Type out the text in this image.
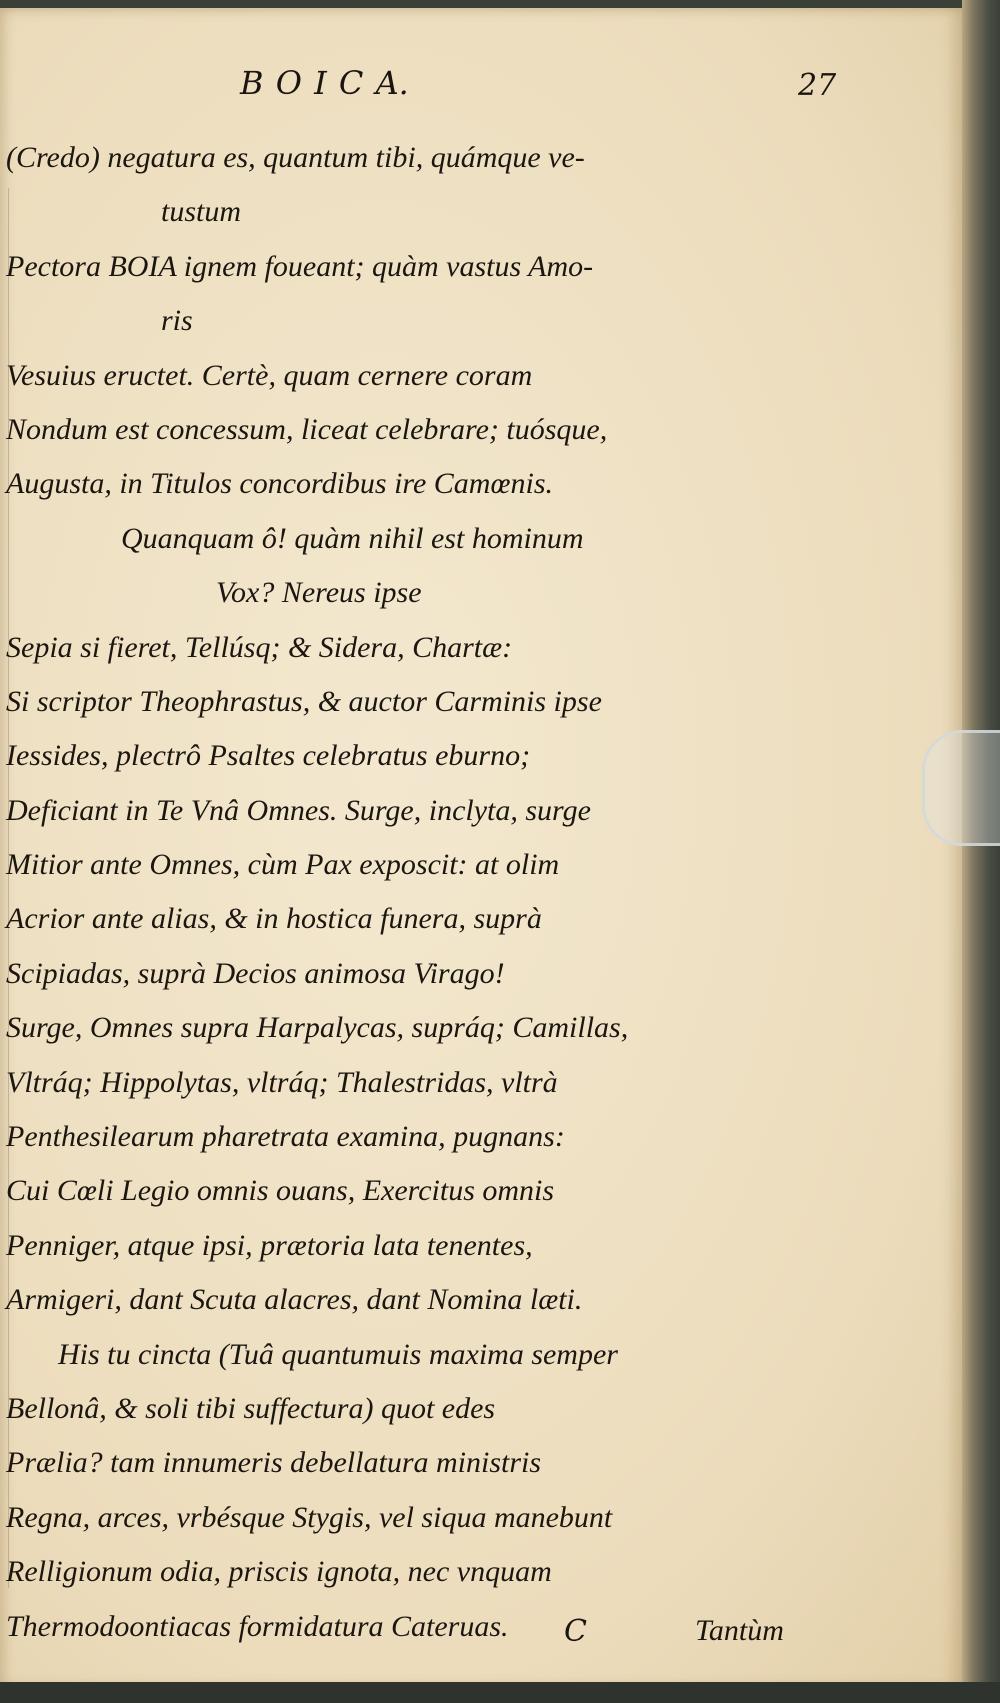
B O I C A.	27
(Credo) negatura es, quantum tibi, quámque ve-
tustum
Pectora BOIA ignem foueant; quàm vastus Amo-
ris
Vesuius eructet. Certè, quam cernere coram
Nondum est concessum, liceat celebrare; tuósque,
Augusta, in Titulos concordibus ire Camœnis.
Quanquam ô! quàm nihil est hominum
Vox? Nereus ipse
Sepia si fieret, Tellúsq; & Sidera, Chartæ:
Si scriptor Theophrastus, & auctor Carminis ipse
Iessides, plectrô Psaltes celebratus eburno;
Deficiant in Te Vnâ Omnes. Surge, inclyta, surge
Mitior ante Omnes, cùm Pax exposcit: at olim
Acrior ante alias, & in hostica funera, suprà
Scipiadas, suprà Decios animosa Virago!
Surge, Omnes supra Harpalycas, supráq; Camillas,
Vltráq; Hippolytas, vltráq; Thalestridas, vltrà
Penthesilearum pharetrata examina, pugnans:
Cui Cœli Legio omnis ouans, Exercitus omnis
Penniger, atque ipsi, prætoria lata tenentes,
Armigeri, dant Scuta alacres, dant Nomina læti.
His tu cincta (Tuâ quantumuis maxima semper
Bellonâ, & soli tibi suffectura) quot edes
Prælia? tam innumeris debellatura ministris
Regna, arces, vrbésque Stygis, vel siqua manebunt
Relligionum odia, priscis ignota, nec vnquam
Thermodoontiacas formidatura Cateruas.	C	Tantùm
